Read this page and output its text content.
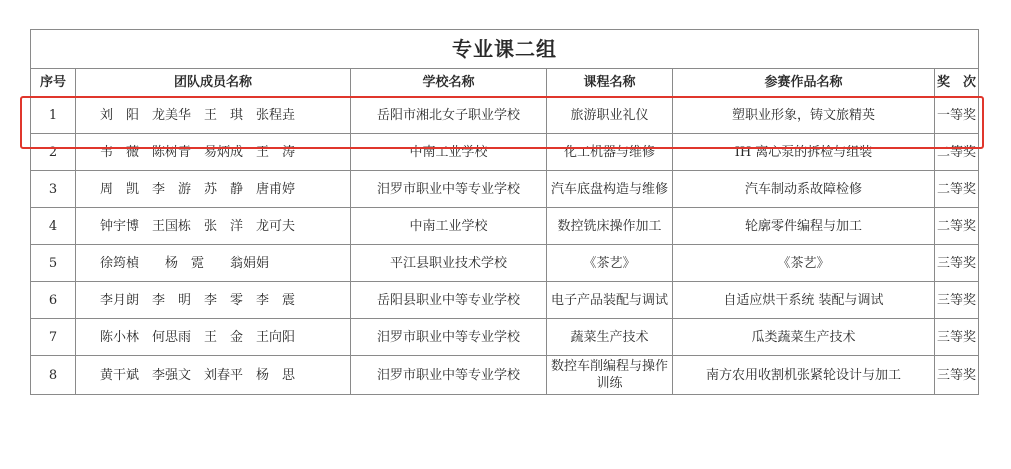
专业课二组					
序号	团队成员名称	学校名称	课程名称	参赛作品名称	奖　次
1	刘　阳　龙美华　王　琪　张程垚	岳阳市湘北女子职业学校	旅游职业礼仪	塑职业形象，铸文旅精英	一等奖
2	韦　薇　陈树青　易炳成　王　涛	中南工业学校	化工机器与维修	IH 离心泵的拆检与组装	二等奖
3	周　凯　李　游　苏　静　唐甫婷	汨罗市职业中等专业学校	汽车底盘构造与维修	汽车制动系故障检修	二等奖
4	钟宇博　王国栋　张　洋　龙可夫	中南工业学校	数控铣床操作加工	轮廓零件编程与加工	二等奖
5	徐筠楨　　杨　霓　　翁娟娟	平江县职业技术学校	《茶艺》	《茶艺》	三等奖
6	李月朗　李　明　李　零　李　震	岳阳县职业中等专业学校	电子产品装配与调试	自适应烘干系统 装配与调试	三等奖
7	陈小林　何思雨　王　金　王向阳	汨罗市职业中等专业学校	蔬菜生产技术	瓜类蔬菜生产技术	三等奖
8	黄干斌　李强文　刘春平　杨　思	汨罗市职业中等专业学校	数控车削编程与操作训练	南方农用收割机张紧轮设计与加工	三等奖
